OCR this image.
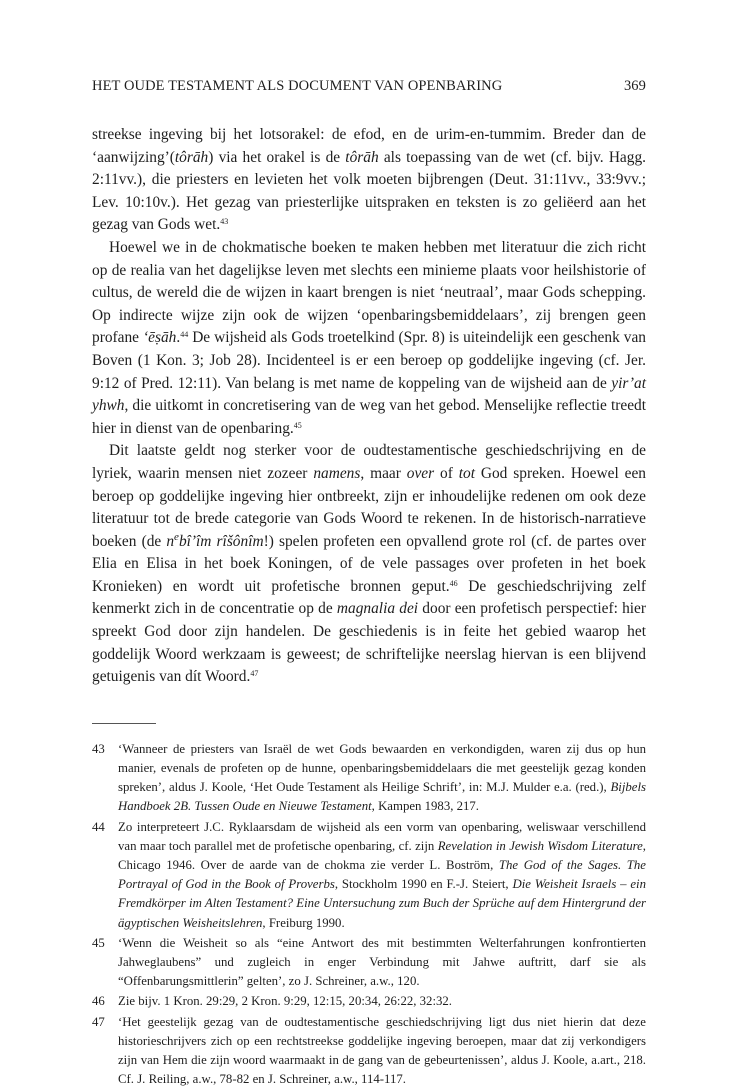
HET OUDE TESTAMENT ALS DOCUMENT VAN OPENBARING	369

streekse ingeving bij het lotsorakel: de efod, en de urim-en-tummim. Breder dan de ‘aanwijzing’(tôrāh) via het orakel is de tôrāh als toepassing van de wet (cf. bijv. Hagg. 2:11vv.), die priesters en levieten het volk moeten bijbrengen (Deut. 31:11vv., 33:9vv.; Lev. 10:10v.). Het gezag van priesterlijke uitspraken en teksten is zo geliëerd aan het gezag van Gods wet.$^{43}$

Hoewel we in de chokmatische boeken te maken hebben met literatuur die zich richt op de realia van het dagelijkse leven met slechts een minieme plaats voor heilshistorie of cultus, de wereld die de wijzen in kaart brengen is niet ‘neutraal’, maar Gods schepping. Op indirecte wijze zijn ook de wijzen ‘openbaringsbemiddelaars’, zij brengen geen profane ‘ēṣāh.$^{44}$ De wijsheid als Gods troetelkind (Spr. 8) is uiteindelijk een geschenk van Boven (1 Kon. 3; Job 28). Incidenteel is er een beroep op goddelijke ingeving (cf. Jer. 9:12 of Pred. 12:11). Van belang is met name de koppeling van de wijsheid aan de yir’at yhwh, die uitkomt in concretisering van de weg van het gebod. Menselijke reflectie treedt hier in dienst van de openbaring.$^{45}$

Dit laatste geldt nog sterker voor de oudtestamentische geschiedschrijving en de lyriek, waarin mensen niet zozeer namens, maar over of tot God spreken. Hoewel een beroep op goddelijke ingeving hier ontbreekt, zijn er inhoudelijke redenen om ook deze literatuur tot de brede categorie van Gods Woord te rekenen. In de historisch-narratieve boeken (de $n^ebî’îm$ rîšônîm!) spelen profeten een opvallend grote rol (cf. de partes over Elia en Elisa in het boek Koningen, of de vele passages over profeten in het boek Kronieken) en wordt uit profetische bronnen geput.$^{46}$ De geschiedschrijving zelf kenmerkt zich in de concentratie op de magnalia dei door een profetisch perspectief: hier spreekt God door zijn handelen. De geschiedenis is in feite het gebied waarop het goddelijk Woord werkzaam is geweest; de schriftelijke neerslag hiervan is een blijvend getuigenis van dít Woord.$^{47}$

43	‘Wanneer de priesters van Israël de wet Gods bewaarden en verkondigden, waren zij dus op hun manier, evenals de profeten op de hunne, openbaringsbemiddelaars die met geestelijk gezag konden spreken’, aldus J. Koole, ‘Het Oude Testament als Heilige Schrift’, in: M.J. Mulder e.a. (red.), Bijbels Handboek 2B. Tussen Oude en Nieuwe Testament, Kampen 1983, 217.
44	Zo interpreteert J.C. Ryklaarsdam de wijsheid als een vorm van openbaring, weliswaar verschillend van maar toch parallel met de profetische openbaring, cf. zijn Revelation in Jewish Wisdom Literature, Chicago 1946. Over de aarde van de chokma zie verder L. Boström, The God of the Sages. The Portrayal of God in the Book of Proverbs, Stockholm 1990 en F.-J. Steiert, Die Weisheit Israels – ein Fremdkörper im Alten Testament? Eine Untersuchung zum Buch der Sprüche auf dem Hintergrund der ägyptischen Weisheitslehren, Freiburg 1990.
45	‘Wenn die Weisheit so als “eine Antwort des mit bestimmten Welterfahrungen konfrontierten Jahweglaubens” und zugleich in enger Verbindung mit Jahwe auftritt, darf sie als “Offenbarungsmittlerin” gelten’, zo J. Schreiner, a.w., 120.
46	Zie bijv. 1 Kron. 29:29, 2 Kron. 9:29, 12:15, 20:34, 26:22, 32:32.
47	‘Het geestelijk gezag van de oudtestamentische geschiedschrijving ligt dus niet hierin dat deze historieschrijvers zich op een rechtstreekse goddelijke ingeving beroepen, maar dat zij verkondigers zijn van Hem die zijn woord waarmaakt in de gang van de gebeurtenissen’, aldus J. Koole, a.art., 218. Cf. J. Reiling, a.w., 78-82 en J. Schreiner, a.w., 114-117.
